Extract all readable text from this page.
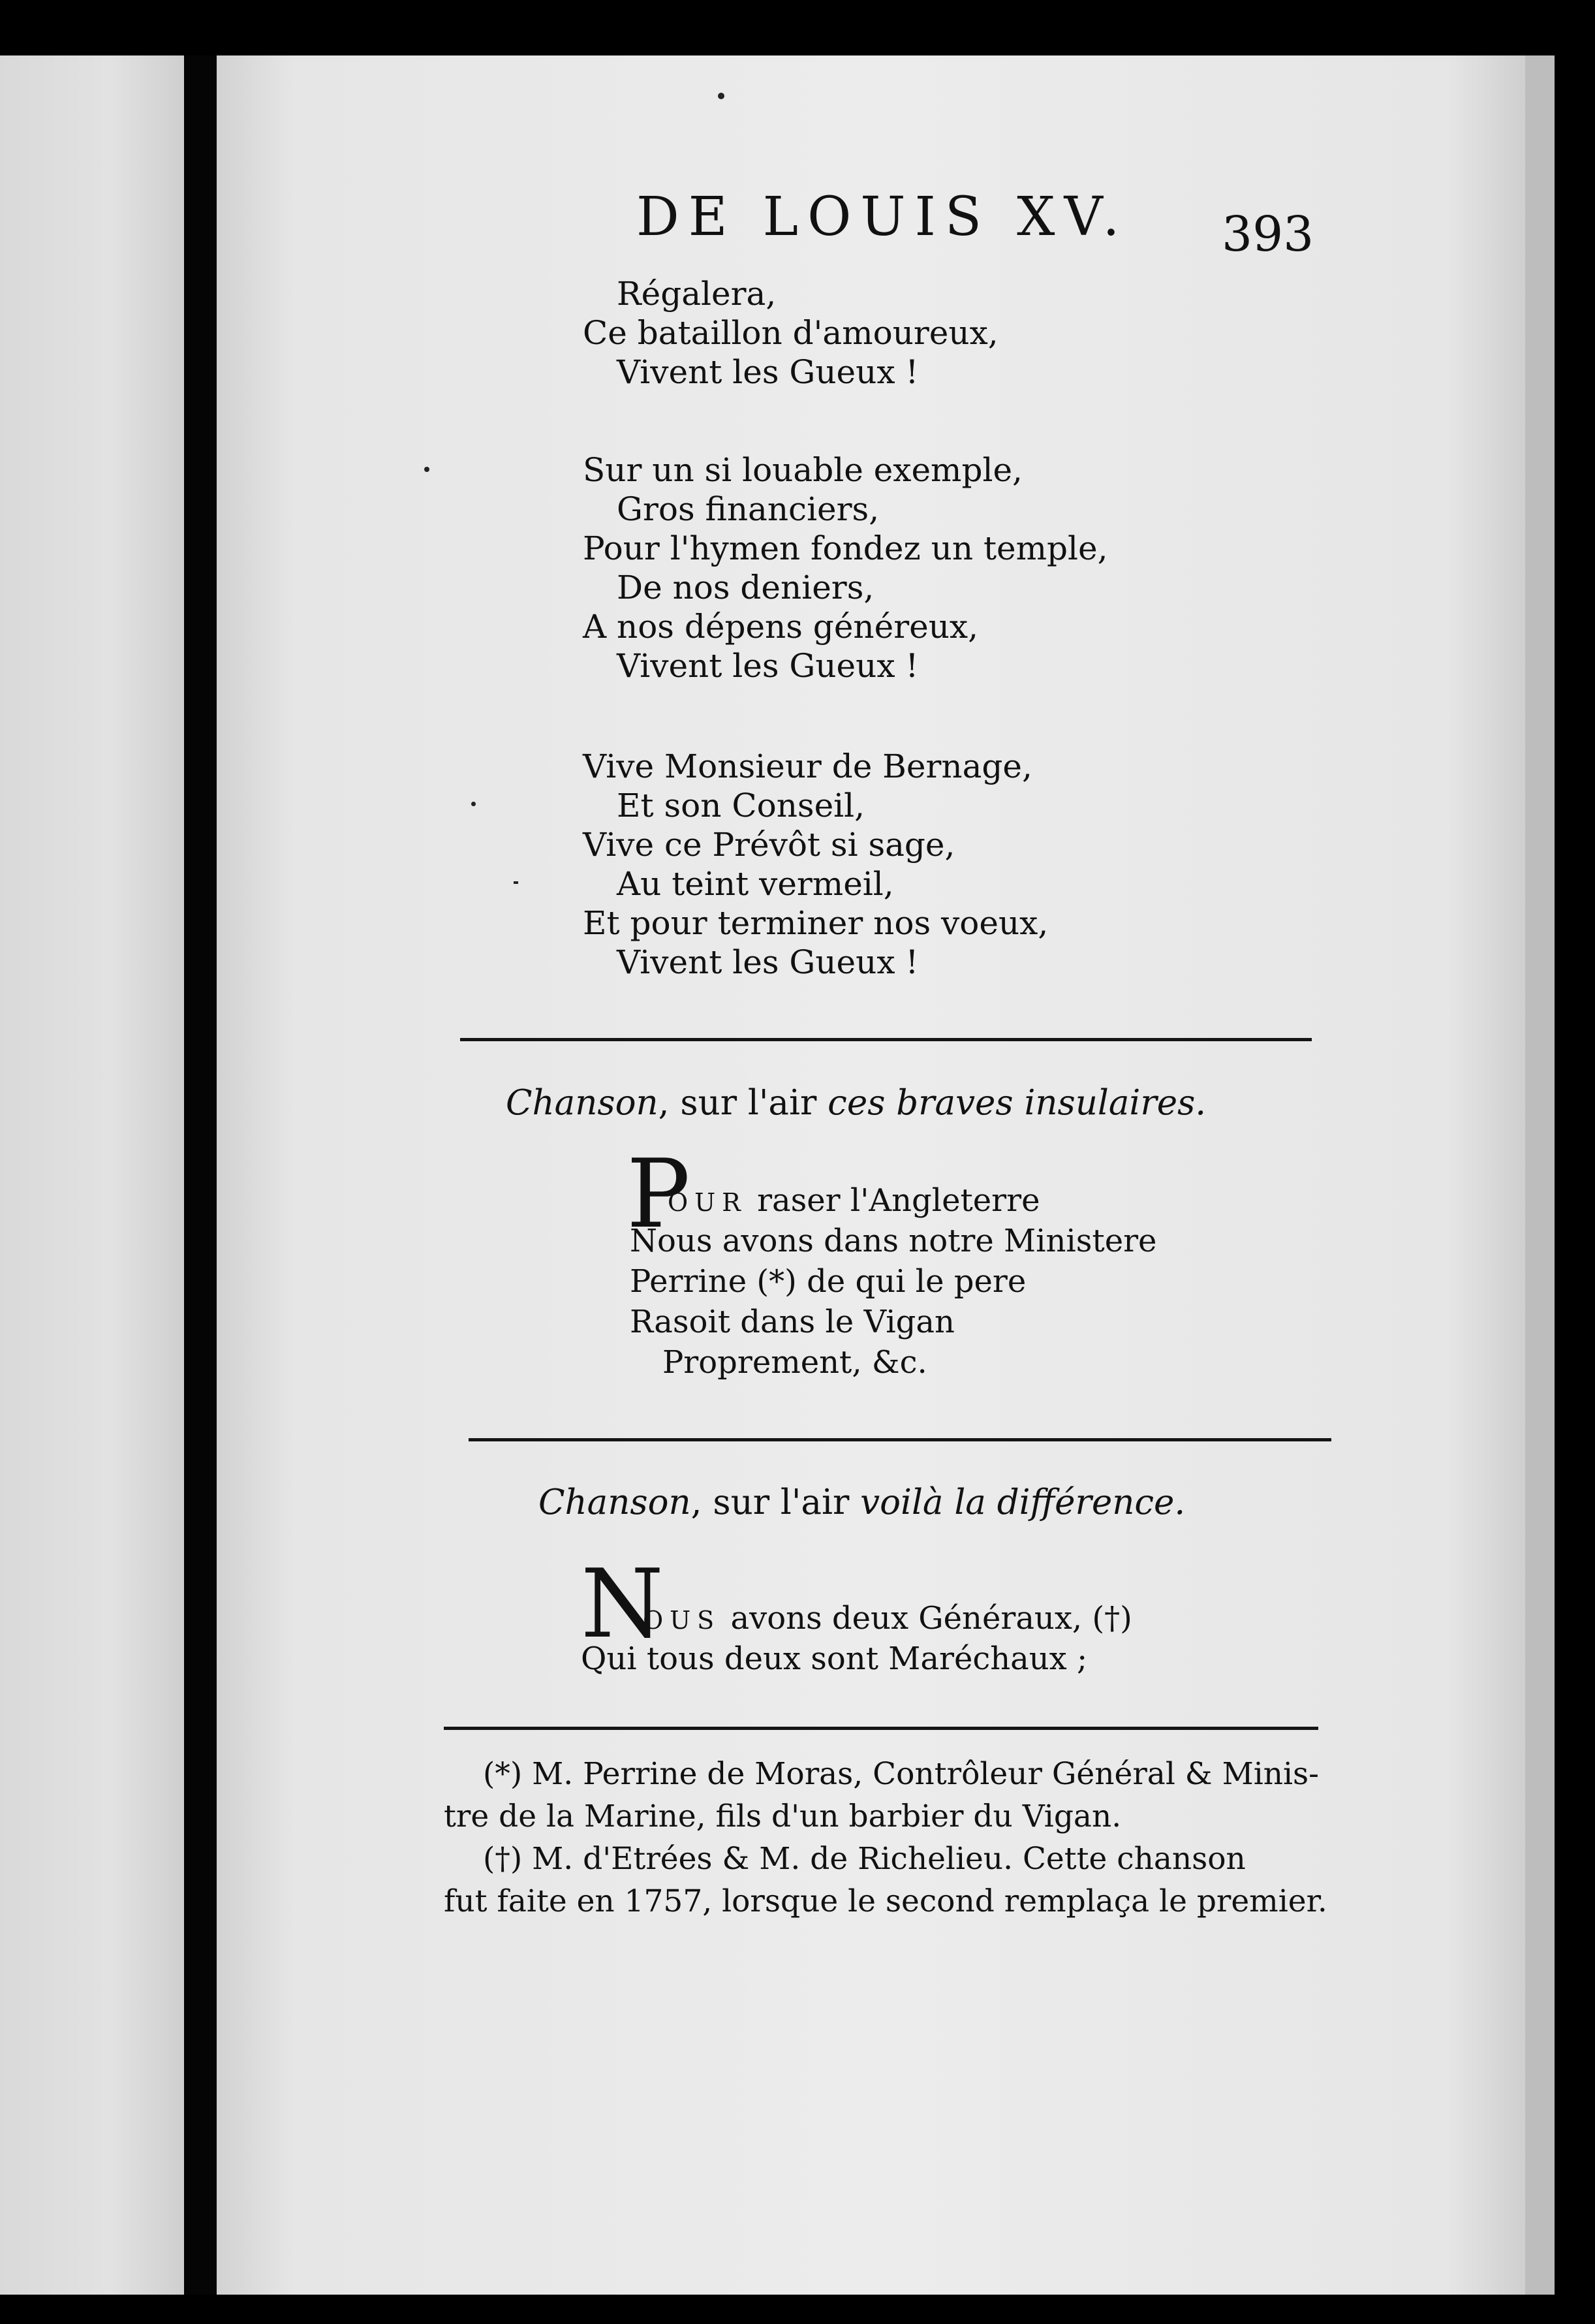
DE LOUIS XV. 393
Régalera,
Ce bataillon d'amoureux,
Vivent les Gueux !
Sur un si louable exemple,
Gros financiers,
Pour l'hymen fondez un temple,
De nos deniers,
A nos dépens généreux,
Vivent les Gueux !
Vive Monsieur de Bernage,
Et son Conseil,
Vive ce Prévôt si sage,
Au teint vermeil,
Et pour terminer nos voeux,
Vivent les Gueux !
Chanson, sur l'air ces braves insulaires.
P
OUR raser l'Angleterre
Nous avons dans notre Ministere
Perrine (*) de qui le pere
Rasoit dans le Vigan
Proprement, &c.
Chanson, sur l'air voilà la différence.
N
OUS avons deux Généraux, (†)
Qui tous deux sont Maréchaux ;
(*) M. Perrine de Moras, Contrôleur Général & Minis-
tre de la Marine, fils d'un barbier du Vigan.
(†) M. d'Etrées & M. de Richelieu. Cette chanson
fut faite en 1757, lorsque le second remplaça le premier.
